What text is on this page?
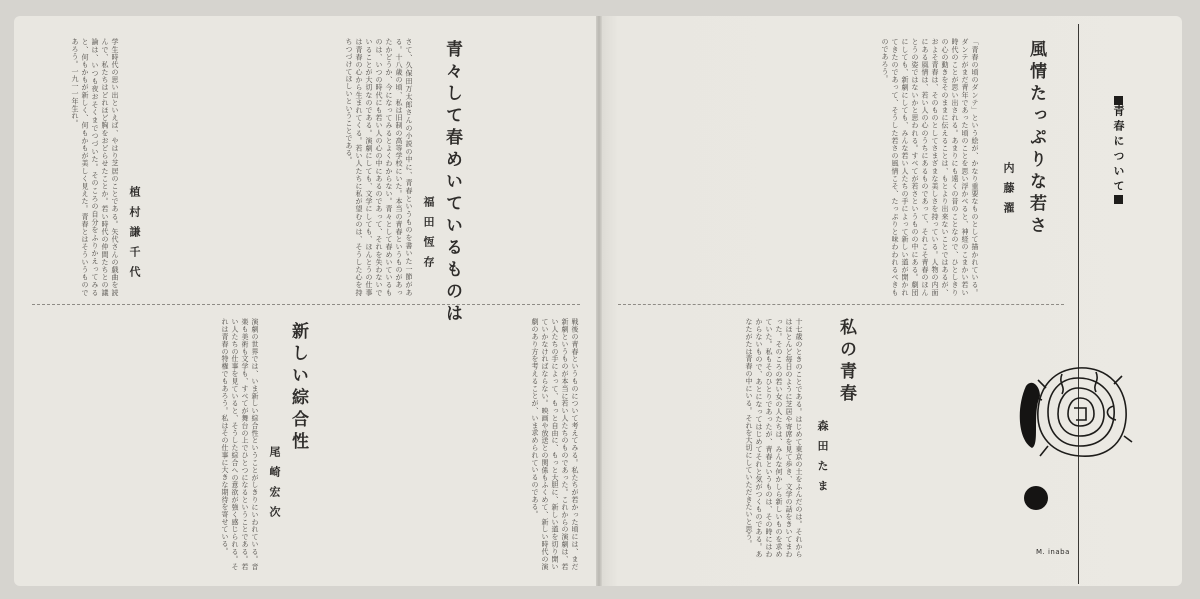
青春について
風情たっぷりな若さ
内藤濯
「青春の頃のダンテ」という絵が、かなり重要なものとして描かれている。ダンテがまだ青年であった頃のことを思い浮かべると、神経のこまかい若い時代のことが思い出される。あまりにも遠くの昔のことなので、ひとしきりの心の動きをそのままに伝えることは、もとより出来ないことではあるが、およそ青春は、そのものとしてさまざまな美しさを持っている。人物の内面にある風情は、若い人の心のうちにあるものであって、それこそ青春のほんとうの姿ではないかと思われる。すべてが若さというものの中にある。劇団にしても、新劇にしても、みんな若い人たちの手によって新しい道が開かれてきたのであって、そうした若さの風情こそ、たっぷりと味わわれるべきものであろう。
私の青春
森田たま
十七歳のときのことである。はじめて東京の土をふんだのは。それからはほとんど毎日のように芝居や寄席を見て歩き、文学の話をきいてまわった。そのころの若い女の人たちは、みんな何かしら新しいものを求めていた。私もそのひとりであったが、青春というものは、その時にはわからないもので、あとになってはじめてそれと気がつくものである。あなたがたは青春の中にいる。それを大切にしていただきたいと思う。
M. inaba
青々して春めいているものは
福田恆存
さて、久保田万太郎さんの小説の中に、青春というものを書いた一節がある。十八歳の頃、私は旧制の高等学校にいた。本当の青春というものがあったかどうか、今になってみるとよくわからない。青々として春めいているものは、いつの時代にも若い人の心の中にあるのであって、それを失わないでいることが大切なのである。演劇にしても、文学にしても、ほんとうの仕事は青春の心から生まれてくる。若い人たちに私が望むのは、そうした心を持ちつづけてほしいということである。
植村謙千代
学生時代の思い出といえば、やはり芝居のことである。矢代さんの戯曲を読んで、私たちはどれほど胸をおどらせたことか。若い時代の仲間たちとの議論は、いつも夜おそくまでつづいた。そのころの自分をふりかえってみると、何もかもが新しく、何もかもが美しく見えた。青春とはそういうものであろう。一九一一年生れ。
新しい綜合性
尾崎宏次
演劇の世界では、いま新しい綜合性ということがしきりにいわれている。音楽も美術も文学も、すべてが舞台の上でひとつになるということである。若い人たちの仕事を見ていると、そうした綜合への意欲が強く感じられる。それは青春の特権でもあろう。私はその仕事に大きな期待を寄せている。	戦後の青春というものについて考えてみる。私たちが若かった頃には、まだ新劇というものが本当に若い人たちのものであった。これからの演劇は、若い人たちの手によって、もっと自由に、もっと大胆に、新しい道を切り開いていかなければならない。映画や放送との関係もふくめて、新しい時代の演劇のあり方を考えることが、いま求められているのである。
